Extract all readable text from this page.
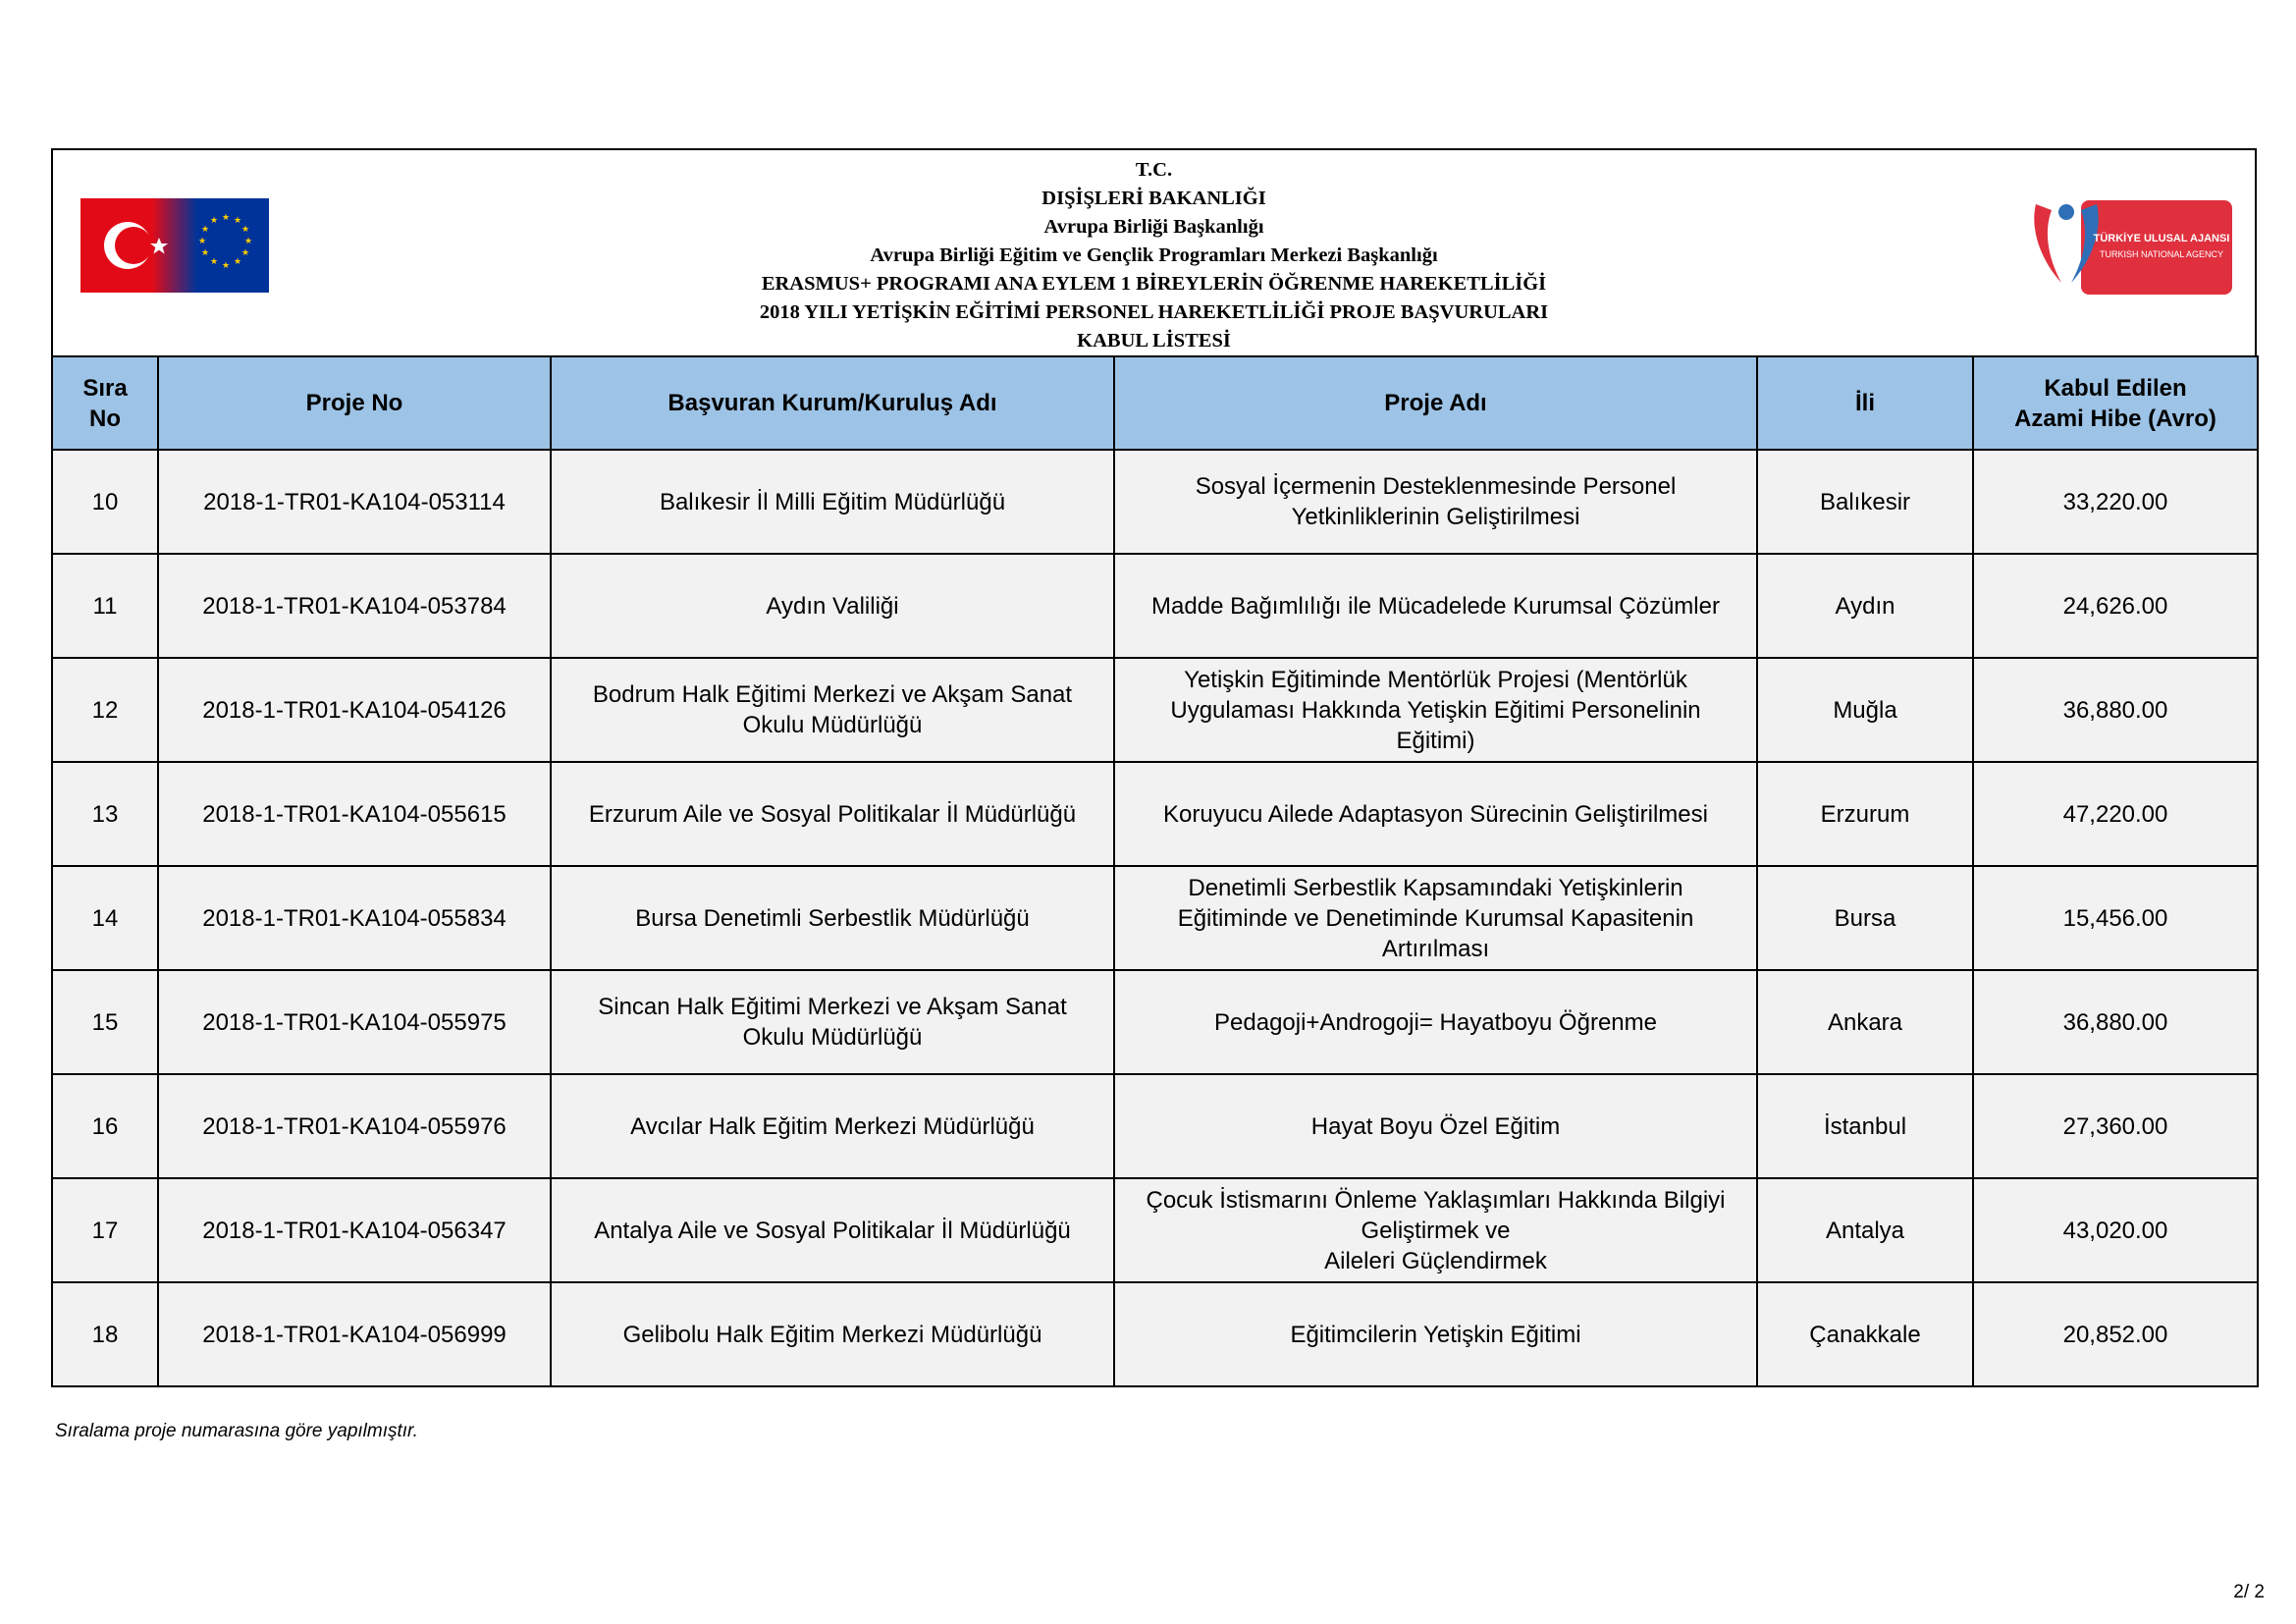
★ ★
★
★
★
★
★
★
★
★
★
★
T.C.
DIŞİŞLERİ BAKANLIĞI
Avrupa Birliği Başkanlığı
Avrupa Birliği Eğitim ve Gençlik Programları Merkezi Başkanlığı
ERASMUS+ PROGRAMI ANA EYLEM 1 BİREYLERİN ÖĞRENME HAREKETLİLİĞİ
2018 YILI YETİŞKİN EĞİTİMİ PERSONEL HAREKETLİLİĞİ PROJE BAŞVURULARI
KABUL LİSTESİ
TÜRKİYE ULUSAL AJANSI
TURKISH NATIONAL AGENCY
Sıra
No	Proje No	Başvuran Kurum/Kuruluş Adı	Proje Adı	İli	Kabul Edilen
Azami Hibe (Avro)
10	2018-1-TR01-KA104-053114	Balıkesir İl Milli Eğitim Müdürlüğü	Sosyal İçermenin Desteklenmesinde Personel
Yetkinliklerinin Geliştirilmesi	Balıkesir	33,220.00
11	2018-1-TR01-KA104-053784	Aydın Valiliği	Madde Bağımlılığı ile Mücadelede Kurumsal Çözümler	Aydın	24,626.00
12	2018-1-TR01-KA104-054126	Bodrum Halk Eğitimi Merkezi ve Akşam Sanat
Okulu Müdürlüğü	Yetişkin Eğitiminde Mentörlük Projesi (Mentörlük
Uygulaması Hakkında Yetişkin Eğitimi Personelinin
Eğitimi)	Muğla	36,880.00
13	2018-1-TR01-KA104-055615	Erzurum Aile ve Sosyal Politikalar İl Müdürlüğü	Koruyucu Ailede Adaptasyon Sürecinin Geliştirilmesi	Erzurum	47,220.00
14	2018-1-TR01-KA104-055834	Bursa Denetimli Serbestlik Müdürlüğü	Denetimli Serbestlik Kapsamındaki Yetişkinlerin
Eğitiminde ve Denetiminde Kurumsal Kapasitenin
Artırılması	Bursa	15,456.00
15	2018-1-TR01-KA104-055975	Sincan Halk Eğitimi Merkezi ve Akşam Sanat
Okulu Müdürlüğü	Pedagoji+Androgoji= Hayatboyu Öğrenme	Ankara	36,880.00
16	2018-1-TR01-KA104-055976	Avcılar Halk Eğitim Merkezi Müdürlüğü	Hayat Boyu Özel Eğitim	İstanbul	27,360.00
17	2018-1-TR01-KA104-056347	Antalya Aile ve Sosyal Politikalar İl Müdürlüğü	Çocuk İstismarını Önleme Yaklaşımları Hakkında Bilgiyi
Geliştirmek ve
Aileleri Güçlendirmek	Antalya	43,020.00
18	2018-1-TR01-KA104-056999	Gelibolu Halk Eğitim Merkezi Müdürlüğü	Eğitimcilerin Yetişkin Eğitimi	Çanakkale	20,852.00
Sıralama proje numarasına göre yapılmıştır.
2/ 2
